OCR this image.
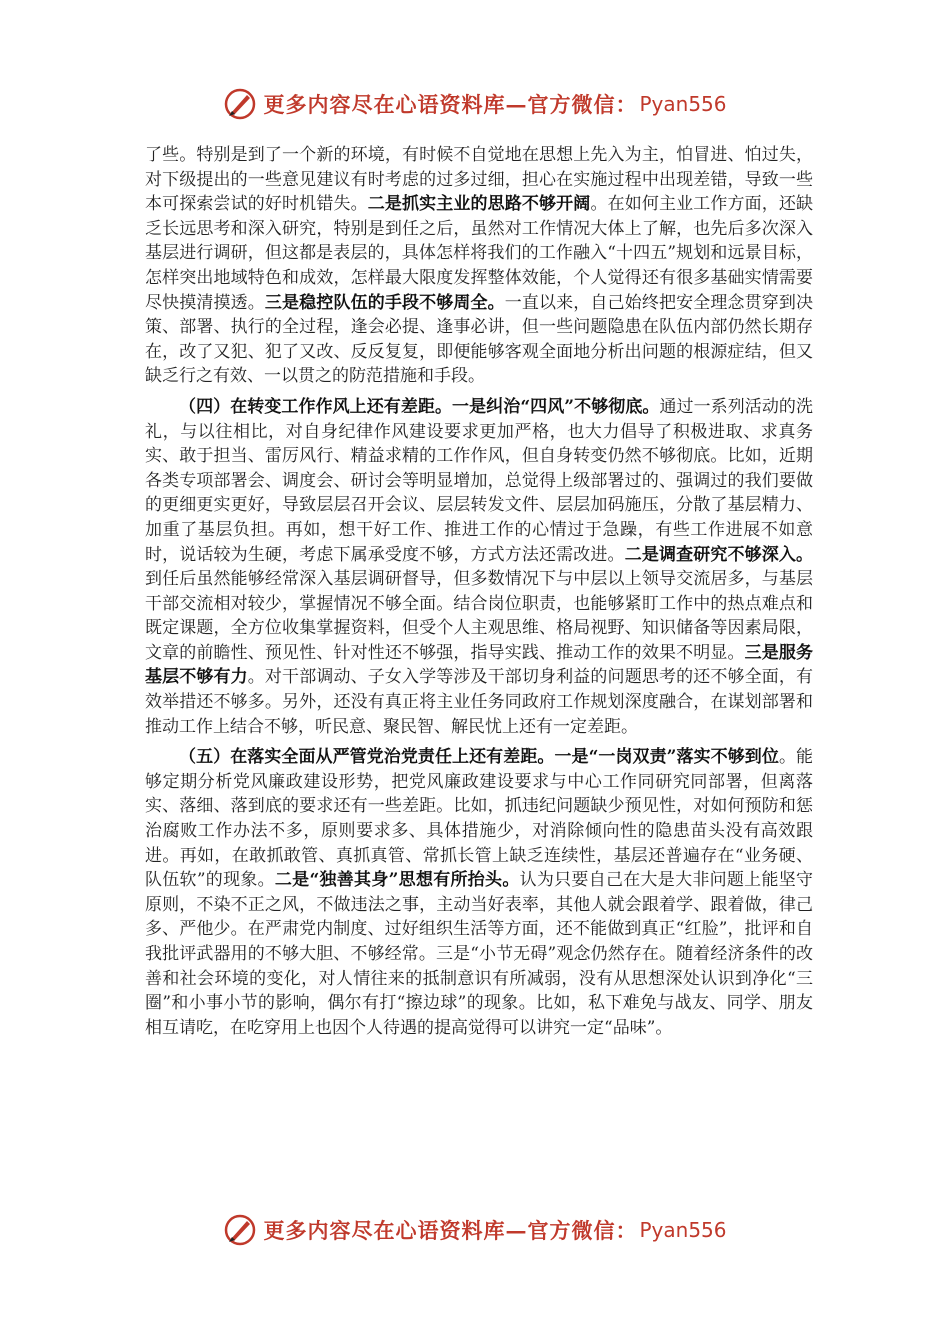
更多内容尽在心语资料库—官方微信： Pyan556

了些。特别是到了一个新的环境，有时候不自觉地在思想上先入为主，怕冒进、怕过失，对下级提出的一些意见建议有时考虑的过多过细，担心在实施过程中出现差错，导致一些本可探索尝试的好时机错失。二是抓实主业的思路不够开阔。在如何主业工作方面，还缺乏长远思考和深入研究，特别是到任之后，虽然对工作情况大体上了解，也先后多次深入基层进行调研，但这都是表层的，具体怎样将我们的工作融入“十四五”规划和远景目标，怎样突出地域特色和成效，怎样最大限度发挥整体效能，个人觉得还有很多基础实情需要尽快摸清摸透。三是稳控队伍的手段不够周全。一直以来，自己始终把安全理念贯穿到决策、部署、执行的全过程，逢会必提、逢事必讲，但一些问题隐患在队伍内部仍然长期存在，改了又犯、犯了又改、反反复复，即便能够客观全面地分析出问题的根源症结，但又缺乏行之有效、一以贯之的防范措施和手段。

（四）在转变工作作风上还有差距。一是纠治“四风”不够彻底。通过一系列活动的洗礼，与以往相比，对自身纪律作风建设要求更加严格，也大力倡导了积极进取、求真务实、敢于担当、雷厉风行、精益求精的工作作风，但自身转变仍然不够彻底。比如，近期各类专项部署会、调度会、研讨会等明显增加，总觉得上级部署过的、强调过的我们要做的更细更实更好，导致层层召开会议、层层转发文件、层层加码施压，分散了基层精力、加重了基层负担。再如，想干好工作、推进工作的心情过于急躁，有些工作进展不如意时，说话较为生硬，考虑下属承受度不够，方式方法还需改进。二是调查研究不够深入。到任后虽然能够经常深入基层调研督导，但多数情况下与中层以上领导交流居多，与基层干部交流相对较少，掌握情况不够全面。结合岗位职责，也能够紧盯工作中的热点难点和既定课题，全方位收集掌握资料，但受个人主观思维、格局视野、知识储备等因素局限，文章的前瞻性、预见性、针对性还不够强，指导实践、推动工作的效果不明显。三是服务基层不够有力。对干部调动、子女入学等涉及干部切身利益的问题思考的还不够全面，有效举措还不够多。另外，还没有真正将主业任务同政府工作规划深度融合，在谋划部署和推动工作上结合不够，听民意、聚民智、解民忧上还有一定差距。

（五）在落实全面从严管党治党责任上还有差距。一是“一岗双责”落实不够到位。能够定期分析党风廉政建设形势，把党风廉政建设要求与中心工作同研究同部署，但离落实、落细、落到底的要求还有一些差距。比如，抓违纪问题缺少预见性，对如何预防和惩治腐败工作办法不多，原则要求多、具体措施少，对消除倾向性的隐患苗头没有高效跟进。再如，在敢抓敢管、真抓真管、常抓长管上缺乏连续性，基层还普遍存在“业务硬、队伍软”的现象。二是“独善其身”思想有所抬头。认为只要自己在大是大非问题上能坚守原则，不染不正之风，不做违法之事，主动当好表率，其他人就会跟着学、跟着做，律己多、严他少。在严肃党内制度、过好组织生活等方面，还不能做到真正“红脸”，批评和自我批评武器用的不够大胆、不够经常。三是“小节无碍”观念仍然存在。随着经济条件的改善和社会环境的变化，对人情往来的抵制意识有所减弱，没有从思想深处认识到净化“三圈”和小事小节的影响，偶尔有打“擦边球”的现象。比如，私下难免与战友、同学、朋友相互请吃，在吃穿用上也因个人待遇的提高觉得可以讲究一定“品味”。

更多内容尽在心语资料库—官方微信： Pyan556
